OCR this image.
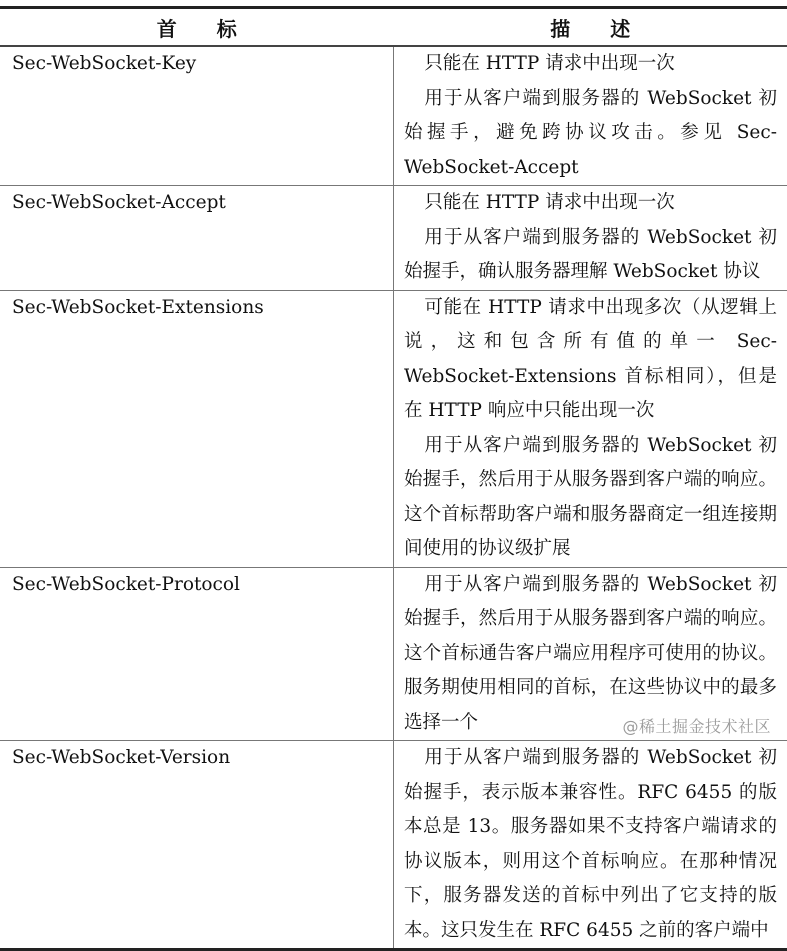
首标	描述
Sec-WebSocket-Key	只能在 HTTP 请求中出现一次
用于从客户端到服务器的 WebSocket 初始握手，避免跨协议攻击。参见 Sec-WebSocket-Accept

Sec-WebSocket-Accept	只能在 HTTP 请求中出现一次
用于从客户端到服务器的 WebSocket 初始握手，确认服务器理解 WebSocket 协议

Sec-WebSocket-Extensions	可能在 HTTP 请求中出现多次（从逻辑上说，这和包含所有值的单一 Sec-WebSocket-Extensions 首标相同），但是在 HTTP 响应中只能出现一次
用于从客户端到服务器的 WebSocket 初始握手，然后用于从服务器到客户端的响应。这个首标帮助客户端和服务器商定一组连接期间使用的协议级扩展

Sec-WebSocket-Protocol	用于从客户端到服务器的 WebSocket 初始握手，然后用于从服务器到客户端的响应。这个首标通告客户端应用程序可使用的协议。服务期使用相同的首标，在这些协议中的最多选择一个

Sec-WebSocket-Version	用于从客户端到服务器的 WebSocket 初始握手，表示版本兼容性。RFC 6455 的版本总是 13。服务器如果不支持客户端请求的协议版本，则用这个首标响应。在那种情况下，服务器发送的首标中列出了它支持的版本。这只发生在 RFC 6455 之前的客户端中
@稀土掘金技术社区
